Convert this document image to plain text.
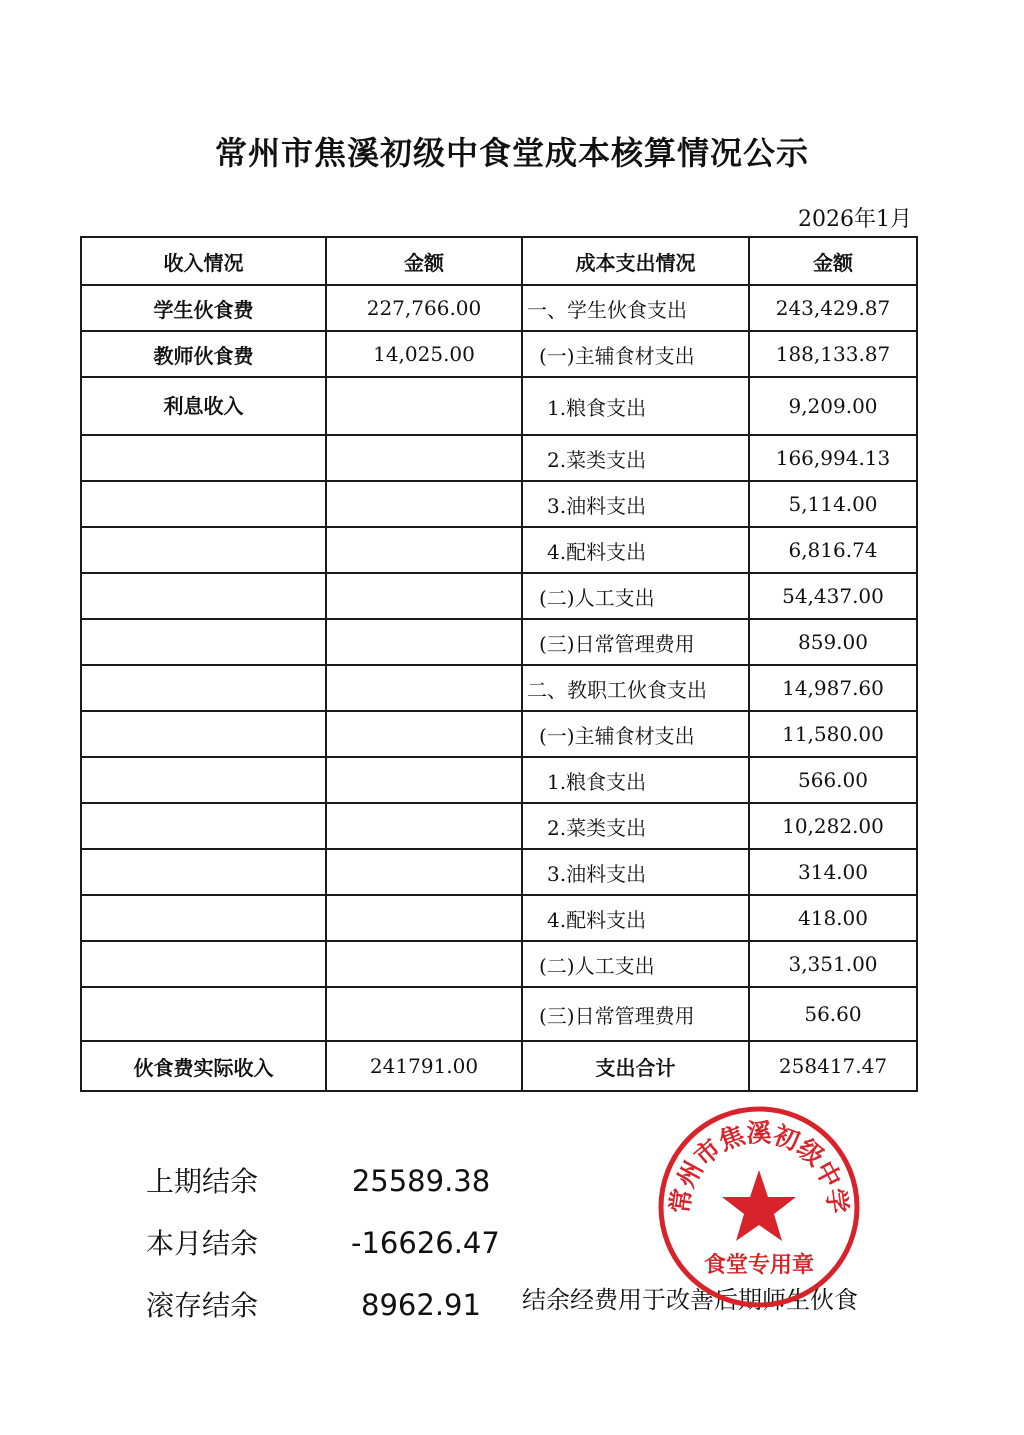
常州市焦溪初级中食堂成本核算情况公示
2026年1月
收入情况	金额	成本支出情况	金额
学生伙食费	227,766.00	一、学生伙食支出	243,429.87
教师伙食费	14,025.00	(一)主辅食材支出	188,133.87
利息收入		1.粮食支出	9,209.00
		2.菜类支出	166,994.13
		3.油料支出	5,114.00
		4.配料支出	6,816.74
		(二)人工支出	54,437.00
		(三)日常管理费用	859.00
		二、教职工伙食支出	14,987.60
		(一)主辅食材支出	11,580.00
		1.粮食支出	566.00
		2.菜类支出	10,282.00
		3.油料支出	314.00
		4.配料支出	418.00
		(二)人工支出	3,351.00
		(三)日常管理费用	56.60
伙食费实际收入	241791.00	支出合计	258417.47
上期结余	25589.38
本月结余	-16626.47
滚存结余	8962.91	结余经费用于改善后期师生伙食
常州市焦溪初级中学
食堂专用章
